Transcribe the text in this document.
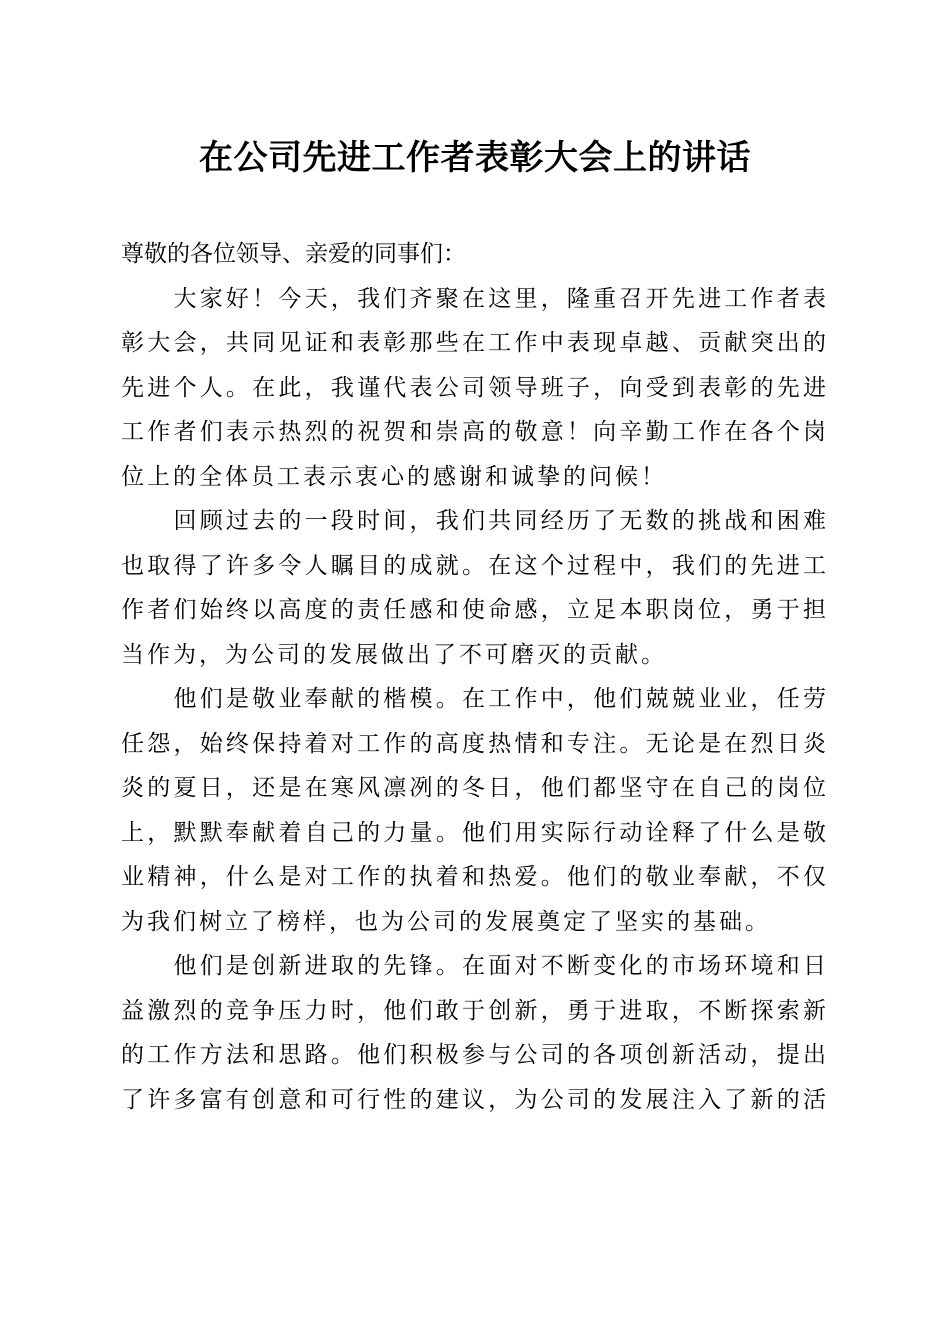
在公司先进工作者表彰大会上的讲话
尊敬的各位领导、亲爱的同事们：
　　大家好！今天，我们齐聚在这里，隆重召开先进工作者表
彰大会，共同见证和表彰那些在工作中表现卓越、贡献突出的
先进个人。在此，我谨代表公司领导班子，向受到表彰的先进
工作者们表示热烈的祝贺和崇高的敬意！向辛勤工作在各个岗
位上的全体员工表示衷心的感谢和诚挚的问候！
　　回顾过去的一段时间，我们共同经历了无数的挑战和困难
也取得了许多令人瞩目的成就。在这个过程中，我们的先进工
作者们始终以高度的责任感和使命感，立足本职岗位，勇于担
当作为，为公司的发展做出了不可磨灭的贡献。
　　他们是敬业奉献的楷模。在工作中，他们兢兢业业，任劳
任怨，始终保持着对工作的高度热情和专注。无论是在烈日炎
炎的夏日，还是在寒风凛冽的冬日，他们都坚守在自己的岗位
上，默默奉献着自己的力量。他们用实际行动诠释了什么是敬
业精神，什么是对工作的执着和热爱。他们的敬业奉献，不仅
为我们树立了榜样，也为公司的发展奠定了坚实的基础。
　　他们是创新进取的先锋。在面对不断变化的市场环境和日
益激烈的竞争压力时，他们敢于创新，勇于进取，不断探索新
的工作方法和思路。他们积极参与公司的各项创新活动，提出
了许多富有创意和可行性的建议，为公司的发展注入了新的活
